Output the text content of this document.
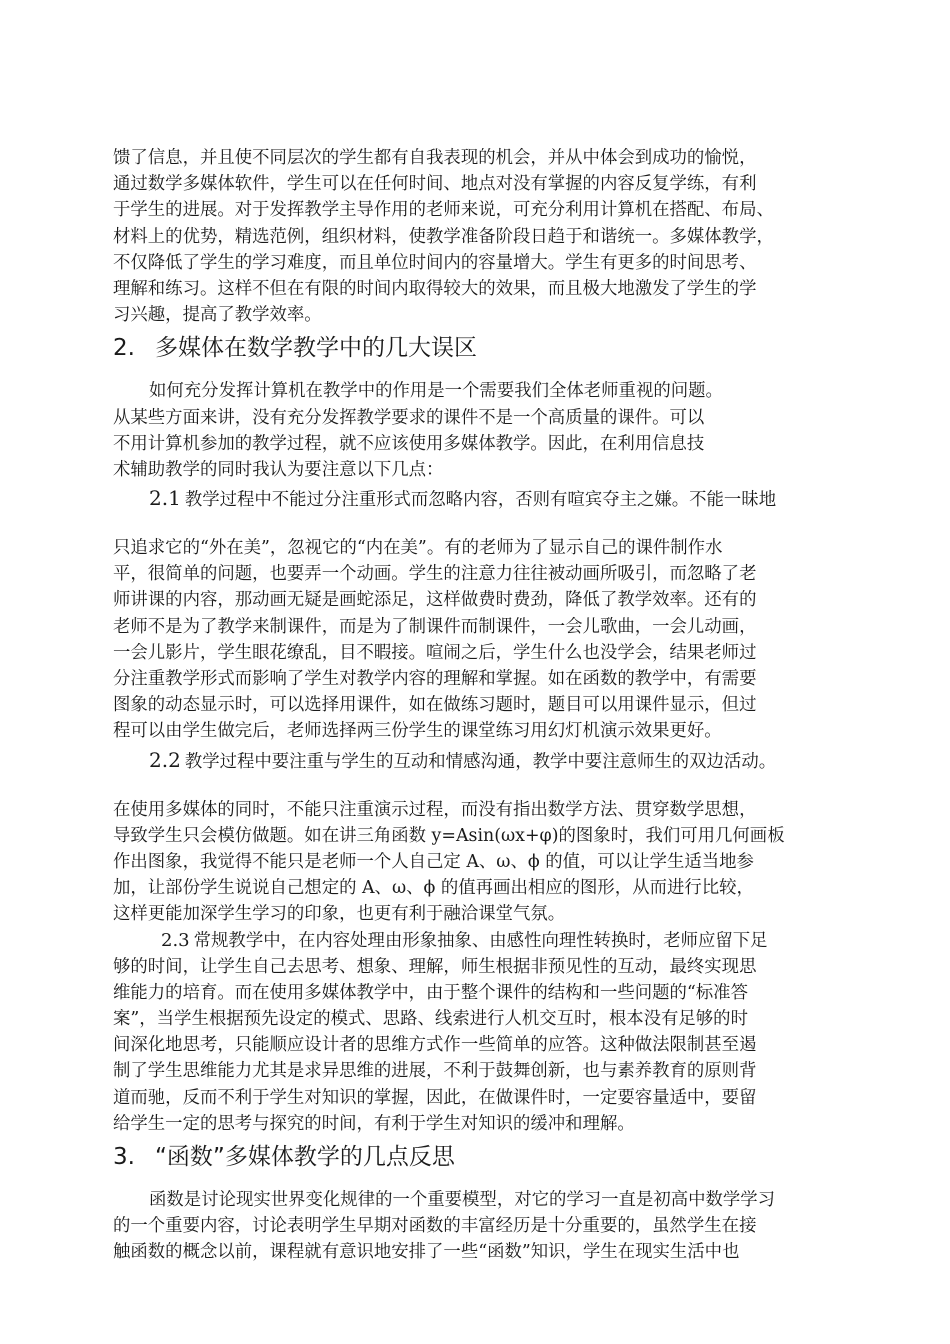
馈了信息，并且使不同层次的学生都有自我表现的机会，并从中体会到成功的愉悦，
通过数学多媒体软件，学生可以在任何时间、地点对没有掌握的内容反复学练，有利
于学生的进展。对于发挥教学主导作用的老师来说，可充分利用计算机在搭配、布局、
材料上的优势，精选范例，组织材料，使教学准备阶段日趋于和谐统一。多媒体教学，
不仅降低了学生的学习难度，而且单位时间内的容量增大。学生有更多的时间思考、
理解和练习。这样不但在有限的时间内取得较大的效果，而且极大地激发了学生的学
习兴趣，提高了教学效率。
2. 多媒体在数学教学中的几大误区
如何充分发挥计算机在教学中的作用是一个需要我们全体老师重视的问题。
从某些方面来讲，没有充分发挥教学要求的课件不是一个高质量的课件。可以
不用计算机参加的教学过程，就不应该使用多媒体教学。因此，在利用信息技
术辅助教学的同时我认为要注意以下几点：
2.1 教学过程中不能过分注重形式而忽略内容，否则有喧宾夺主之嫌。不能一昧地
只追求它的“外在美”，忽视它的“内在美”。有的老师为了显示自己的课件制作水
平，很简单的问题，也要弄一个动画。学生的注意力往往被动画所吸引，而忽略了老
师讲课的内容，那动画无疑是画蛇添足，这样做费时费劲，降低了教学效率。还有的
老师不是为了教学来制课件，而是为了制课件而制课件，一会儿歌曲，一会儿动画，
一会儿影片，学生眼花缭乱，目不暇接。喧闹之后，学生什么也没学会，结果老师过
分注重教学形式而影响了学生对教学内容的理解和掌握。如在函数的教学中，有需要
图象的动态显示时，可以选择用课件，如在做练习题时，题目可以用课件显示，但过
程可以由学生做完后，老师选择两三份学生的课堂练习用幻灯机演示效果更好。
2.2 教学过程中要注重与学生的互动和情感沟通，教学中要注意师生的双边活动。
在使用多媒体的同时，不能只注重演示过程，而没有指出数学方法、贯穿数学思想，
导致学生只会模仿做题。如在讲三角函数 y=Asin(ωx+φ)的图象时，我们可用几何画板
作出图象，我觉得不能只是老师一个人自己定 A、ω、ϕ 的值，可以让学生适当地参
加，让部份学生说说自己想定的 A、ω、ϕ 的值再画出相应的图形，从而进行比较，
这样更能加深学生学习的印象，也更有利于融洽课堂气氛。
2.3 常规教学中，在内容处理由形象抽象、由感性向理性转换时，老师应留下足
够的时间，让学生自己去思考、想象、理解，师生根据非预见性的互动，最终实现思
维能力的培育。而在使用多媒体教学中，由于整个课件的结构和一些问题的“标准答
案”，当学生根据预先设定的模式、思路、线索进行人机交互时，根本没有足够的时
间深化地思考，只能顺应设计者的思维方式作一些简单的应答。这种做法限制甚至遏
制了学生思维能力尤其是求异思维的进展，不利于鼓舞创新，也与素养教育的原则背
道而驰，反而不利于学生对知识的掌握，因此，在做课件时，一定要容量适中，要留
给学生一定的思考与探究的时间，有利于学生对知识的缓冲和理解。
3. “函数”多媒体教学的几点反思
函数是讨论现实世界变化规律的一个重要模型，对它的学习一直是初高中数学学习
的一个重要内容，讨论表明学生早期对函数的丰富经历是十分重要的，虽然学生在接
触函数的概念以前，课程就有意识地安排了一些“函数”知识，学生在现实生活中也
